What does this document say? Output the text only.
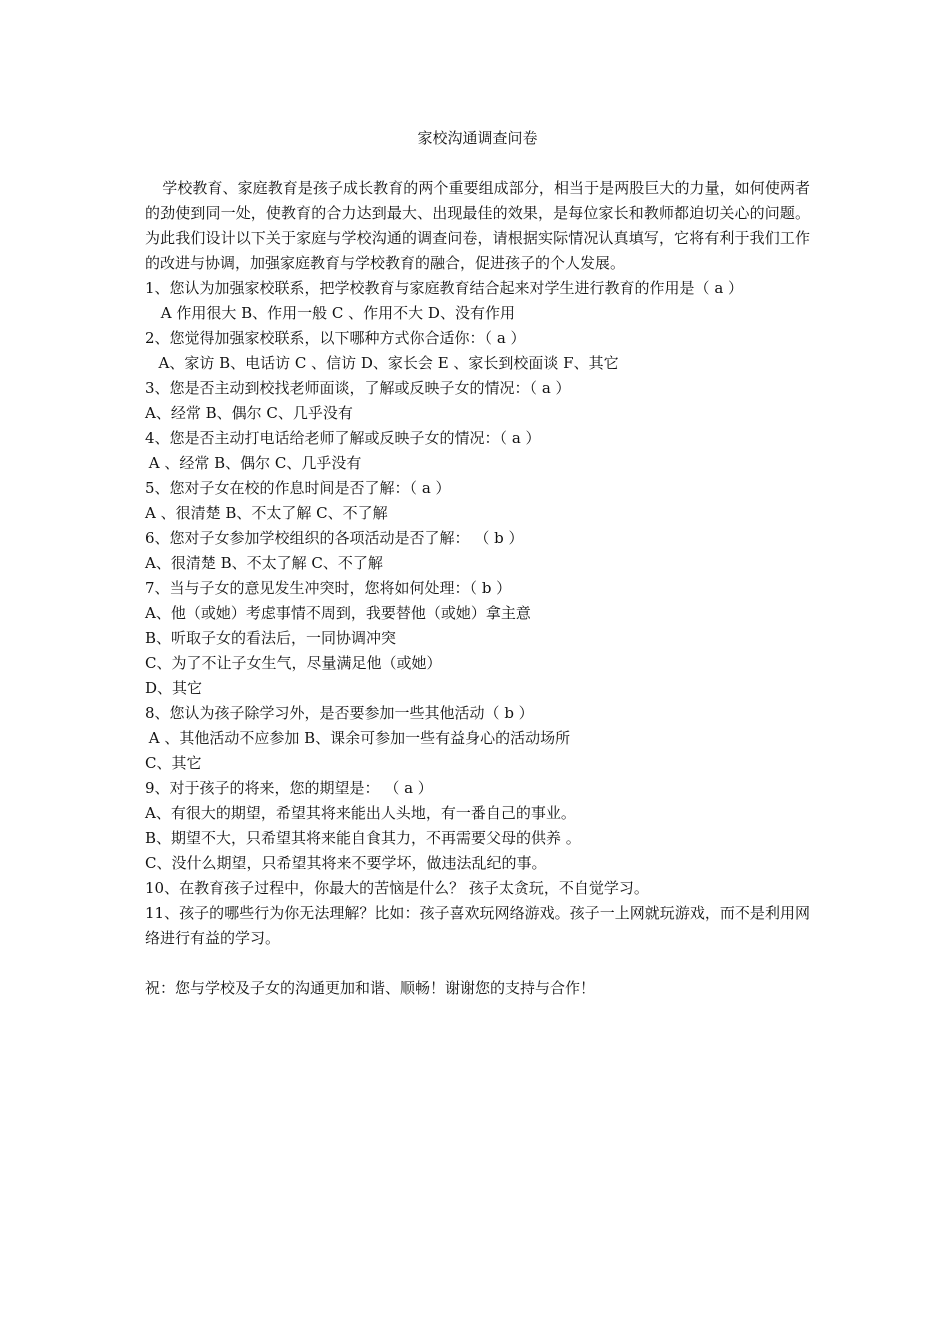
家校沟通调查问卷
学校教育、家庭教育是孩子成长教育的两个重要组成部分，相当于是两股巨大的力量，如何使两者的劲使到同一处，使教育的合力达到最大、出现最佳的效果，是每位家长和教师都迫切关心的问题。为此我们设计以下关于家庭与学校沟通的调查问卷，请根据实际情况认真填写，它将有利于我们工作的改进与协调，加强家庭教育与学校教育的融合，促进孩子的个人发展。
1、您认为加强家校联系，把学校教育与家庭教育结合起来对学生进行教育的作用是（ a ）
A 作用很大 B、作用一般 C 、作用不大 D、没有作用
2、您觉得加强家校联系，以下哪种方式你合适你：（ a ）
A、家访 B、电话访 C 、信访 D、家长会 E 、家长到校面谈 F、其它
3、您是否主动到校找老师面谈，了解或反映子女的情况：（ a ）
A、经常 B、偶尔 C、几乎没有
4、您是否主动打电话给老师了解或反映子女的情况：（ a ）
A 、经常 B、偶尔 C、几乎没有
5、您对子女在校的作息时间是否了解：（ a ）
A 、很清楚 B、不太了解 C、不了解
6、您对子女参加学校组织的各项活动是否了解： （ b ）
A、很清楚 B、不太了解 C、不了解
7、当与子女的意见发生冲突时，您将如何处理：（ b ）
A、他（或她）考虑事情不周到，我要替他（或她）拿主意
B、听取子女的看法后，一同协调冲突
C、为了不让子女生气，尽量满足他（或她）
D、其它
8、您认为孩子除学习外，是否要参加一些其他活动（ b ）
A 、其他活动不应参加 B、课余可参加一些有益身心的活动场所
C、其它
9、对于孩子的将来，您的期望是： （ a ）
A、有很大的期望，希望其将来能出人头地，有一番自己的事业。
B、期望不大，只希望其将来能自食其力，不再需要父母的供养 。
C、没什么期望，只希望其将来不要学坏，做违法乱纪的事。
10、在教育孩子过程中，你最大的苦恼是什么？ 孩子太贪玩，不自觉学习。
11、孩子的哪些行为你无法理解？比如：孩子喜欢玩网络游戏。孩子一上网就玩游戏，而不是利用网络进行有益的学习。
祝：您与学校及子女的沟通更加和谐、顺畅！谢谢您的支持与合作！
